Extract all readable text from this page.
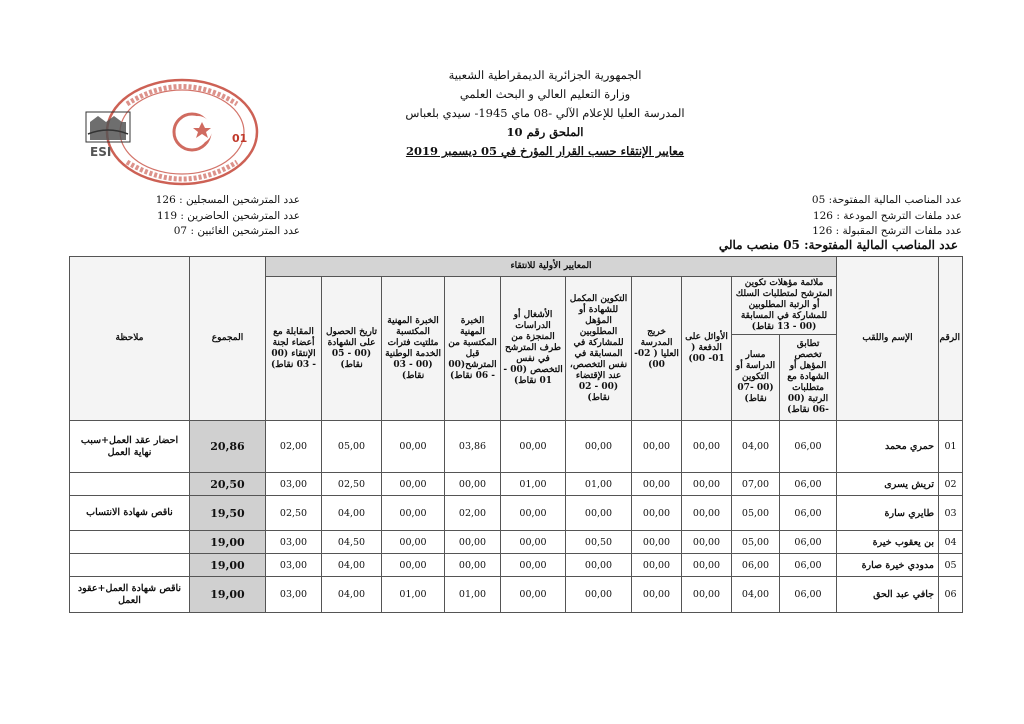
ESI
01
الجمهورية الجزائرية الديمقراطية الشعبية
وزارة التعليم العالي و البحث العلمي
المدرسة العليا للإعلام الآلي -08 ماي 1945- سيدي بلعباس
الملحق رقم 10
معايير الإنتقاء حسب القرار المؤرخ في 05 ديسمبر 2019
عدد المناصب المالية المفتوحة: 05
عدد ملفات الترشح المودعة : 126
عدد ملفات الترشح المقبولة : 126
عدد المترشحين المسجلين : 126
عدد المترشحين الحاضرين : 119
عدد المترشحين الغائبين : 07
عدد المناصب المالية المفتوحة: 05 منصب مالي
الرقم	الإسم واللقب	المعايير الأولية للانتقاء										المجموع	ملاحظة
		ملائمة مؤهلات تكوين المترشح لمتطلبات السلك أو الرتبة المطلوبين للمشاركة في المسابقة (00 - 13 نقاط)		الأوائل على الدفعة ( 01- 00)	خريج المدرسة العليا ( 02- 00)	التكوين المكمل للشهادة أو المؤهل المطلوبين للمشاركة في المسابقة في نفس التخصص، عند الإقتضاء (00 - 02 نقاط)	الأشغال أو الدراسات المنجزة من طرف المترشح في نفس التخصص (00 - 01 نقاط)	الخبرة المهنية المكتسبة من قبل المترشح(00 - 06 نقاط)	الخبرة المهنية المكتسبة مثلتيت فترات الخدمة الوطنية (00 - 03 نقاط)	تاريخ الحصول على الشهادة (00 - 05 نقاط)	المقابلة مع أعضاء لجنة الإنتقاء (00 - 03 نقاط)		
		تطابق تخصص المؤهل أو الشهادة مع متطلبات الرتبة (00 -06 نقاط)	مسار الدراسة أو التكوين (00 -07 نقاط)										
01	حمري محمد	06,00	04,00	00,00	00,00	00,00	00,00	03,86	00,00	05,00	02,00	20,86	احضار عقد العمل+سبب نهاية العمل
02	تريش يسرى	06,00	07,00	00,00	00,00	01,00	01,00	00,00	00,00	02,50	03,00	20,50	
03	طايري سارة	06,00	05,00	00,00	00,00	00,00	00,00	02,00	00,00	04,00	02,50	19,50	ناقص شهادة الانتساب
04	بن يعقوب خيرة	06,00	05,00	00,00	00,00	00,50	00,00	00,00	00,00	04,50	03,00	19,00	
05	مدودي خيرة صارة	06,00	06,00	00,00	00,00	00,00	00,00	00,00	00,00	04,00	03,00	19,00	
06	جافي عبد الحق	06,00	04,00	00,00	00,00	00,00	00,00	01,00	01,00	04,00	03,00	19,00	ناقص شهادة العمل+عقود العمل
